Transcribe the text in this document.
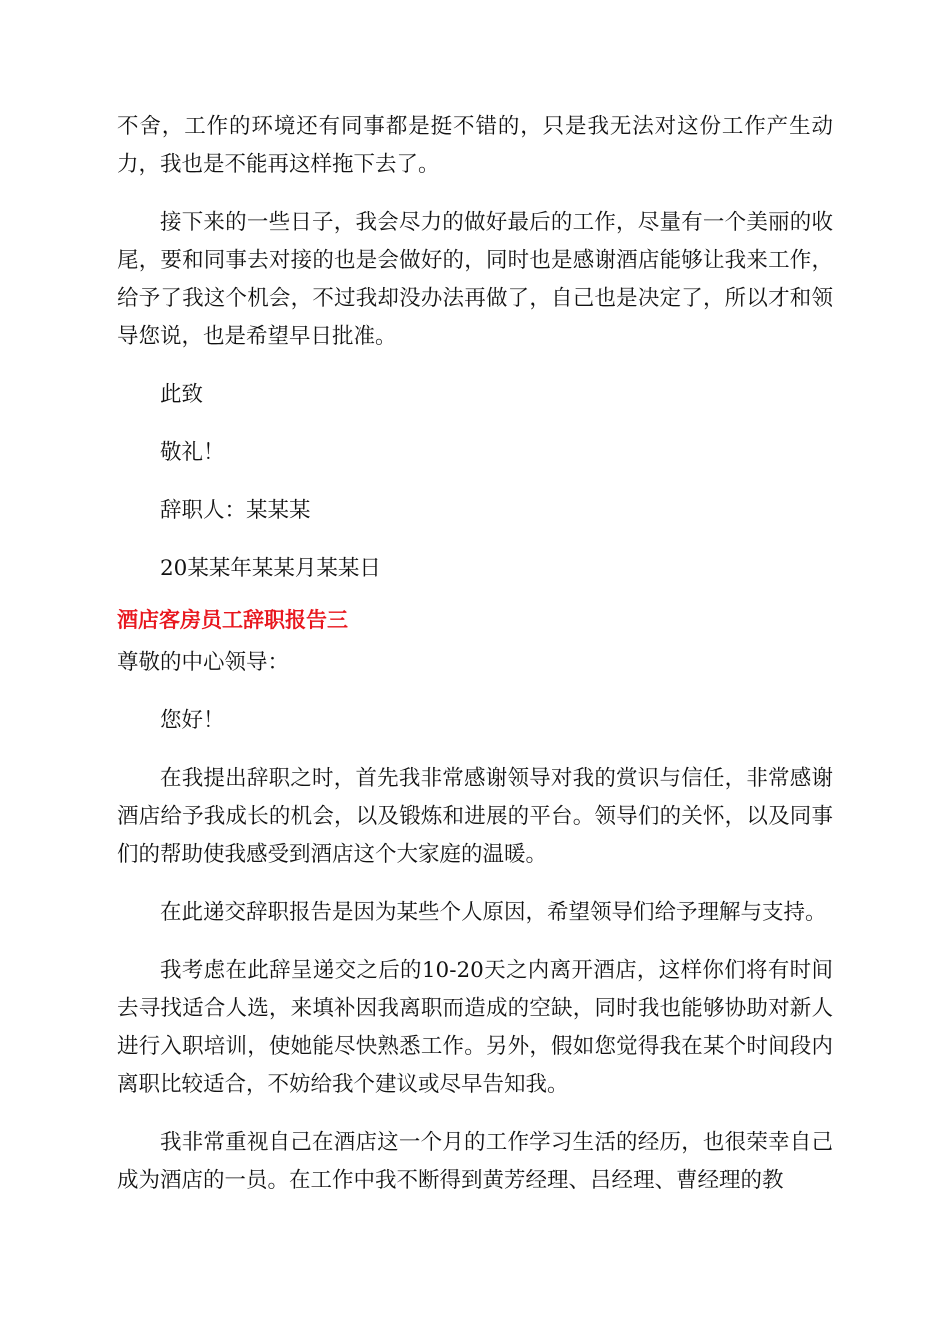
不舍，工作的环境还有同事都是挺不错的，只是我无法对这份工作产生动力，我也是不能再这样拖下去了。

接下来的一些日子，我会尽力的做好最后的工作，尽量有一个美丽的收尾，要和同事去对接的也是会做好的，同时也是感谢酒店能够让我来工作，给予了我这个机会，不过我却没办法再做了，自己也是决定了，所以才和领导您说，也是希望早日批准。

此致

敬礼！

辞职人：某某某

20某某年某某月某某日

酒店客房员工辞职报告三

尊敬的中心领导：

您好！

在我提出辞职之时，首先我非常感谢领导对我的赏识与信任，非常感谢酒店给予我成长的机会，以及锻炼和进展的平台。领导们的关怀，以及同事们的帮助使我感受到酒店这个大家庭的温暖。

在此递交辞职报告是因为某些个人原因，希望领导们给予理解与支持。

我考虑在此辞呈递交之后的10-20天之内离开酒店，这样你们将有时间去寻找适合人选，来填补因我离职而造成的空缺，同时我也能够协助对新人进行入职培训，使她能尽快熟悉工作。另外，假如您觉得我在某个时间段内离职比较适合，不妨给我个建议或尽早告知我。

我非常重视自己在酒店这一个月的工作学习生活的经历，也很荣幸自己成为酒店的一员。在工作中我不断得到黄芳经理、吕经理、曹经理的教
